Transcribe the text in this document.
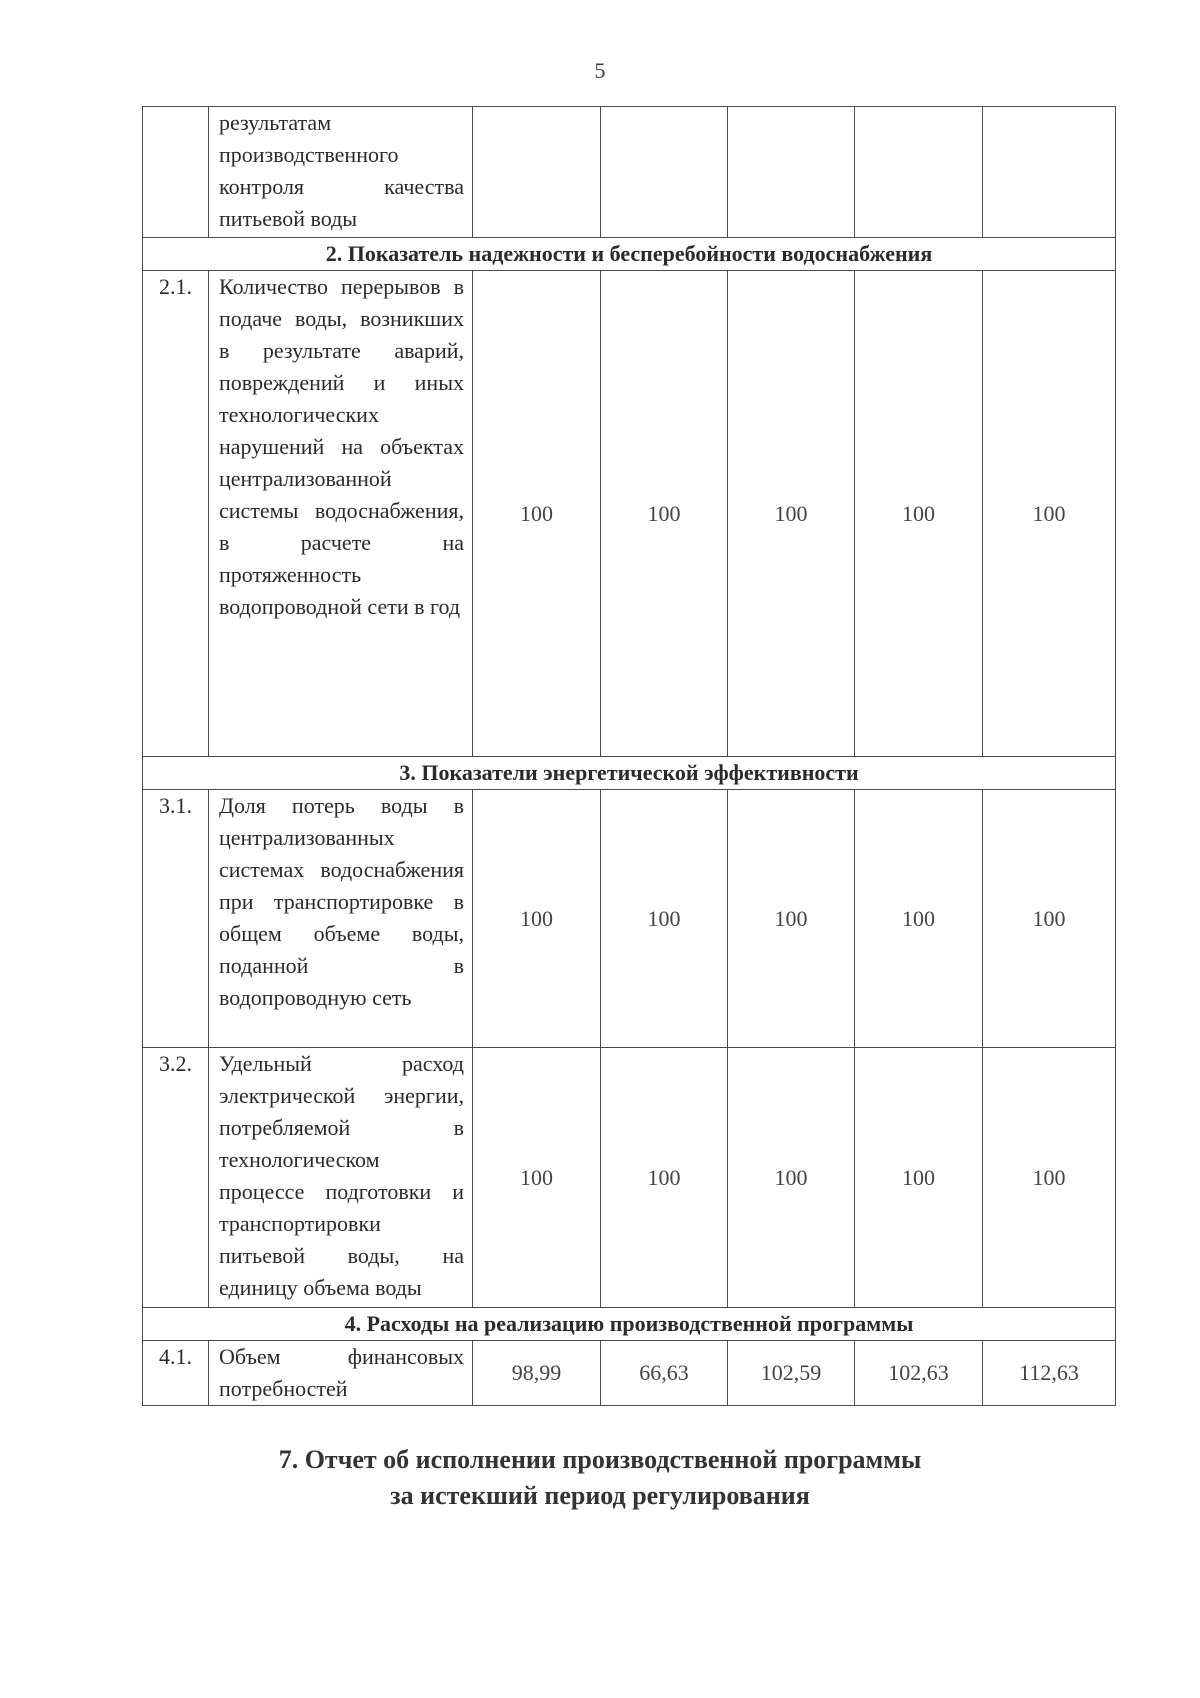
5
	результатам производственного контроля качества питьевой воды					
2. Показатель надежности и бесперебойности водоснабжения						
2.1.	Количество перерывов в подаче воды, возникших в результате аварий, повреждений и иных технологических нарушений на объектах централизованной системы водоснабжения, в расчете на протяженность водопроводной сети в год	100	100	100	100	100
3. Показатели энергетической эффективности						
3.1.	Доля потерь воды в централизованных системах водоснабжения при транспортировке в общем объеме воды, поданной в водопроводную сеть	100	100	100	100	100
3.2.	Удельный расход электрической энергии, потребляемой в технологическом процессе подготовки и транспортировки питьевой воды, на единицу объема воды	100	100	100	100	100
4. Расходы на реализацию производственной программы						
4.1.	Объем финансовых потребностей	98,99	66,63	102,59	102,63	112,63
7. Отчет об исполнении производственной программы
за истекший период регулирования
